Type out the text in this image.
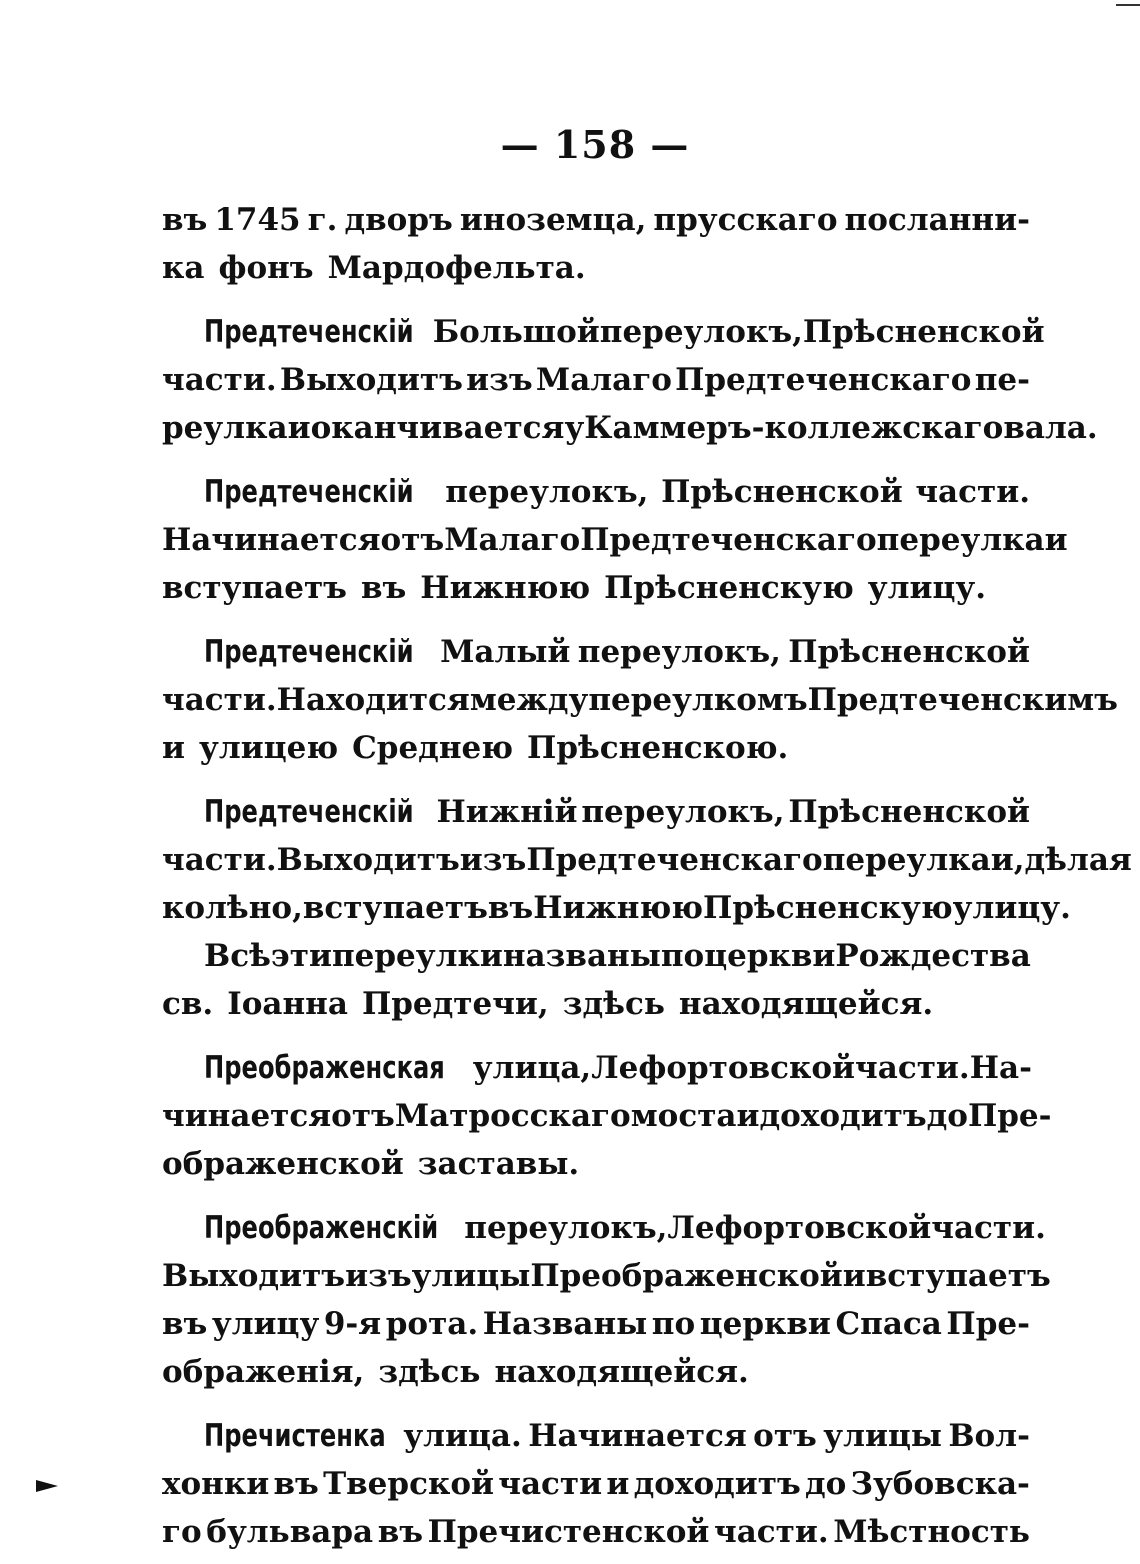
— 158 —
въ 1745 г. дворъ иноземца, прусскаго посланни-
ка фонъ Мардофельта.
Предтеченскій Большой переулокъ, Прѣсненской
части. Выходитъ изъ Малаго Предтеченскаго пе-
реулка и оканчивается у Каммеръ-коллежскаго вала.
Предтеченскій переулокъ, Прѣсненской части.
Начинается отъ Малаго Предтеченскаго переулка и
вступаетъ въ Нижнюю Прѣсненскую улицу.
Предтеченскій Малый переулокъ, Прѣсненской
части. Находится между переулкомъ Предтеченскимъ
и улицею Среднею Прѣсненскою.
Предтеченскій Нижній переулокъ, Прѣсненской
части. Выходитъ изъ Предтеченскаго переулка и, дѣлая
колѣно, вступаетъ въ Нижнюю Прѣсненскую улицу.
Всѣ эти переулки названы по церкви Рождества
св. Іоанна Предтечи, здѣсь находящейся.
Преображенская улица, Лефортовской части. На-
чинается отъ Матросскаго моста и доходитъ до Пре-
ображенской заставы.
Преображенскій переулокъ, Лефортовской части.
Выходитъ изъ улицы Преображенской и вступаетъ
въ улицу 9-я рота. Названы по церкви Спаса Пре-
ображенія, здѣсь находящейся.
Пречистенка улица. Начинается отъ улицы Вол-
хонки въ Тверской части и доходитъ до Зубовска-
го бульвара въ Пречистенской части. Мѣстность
